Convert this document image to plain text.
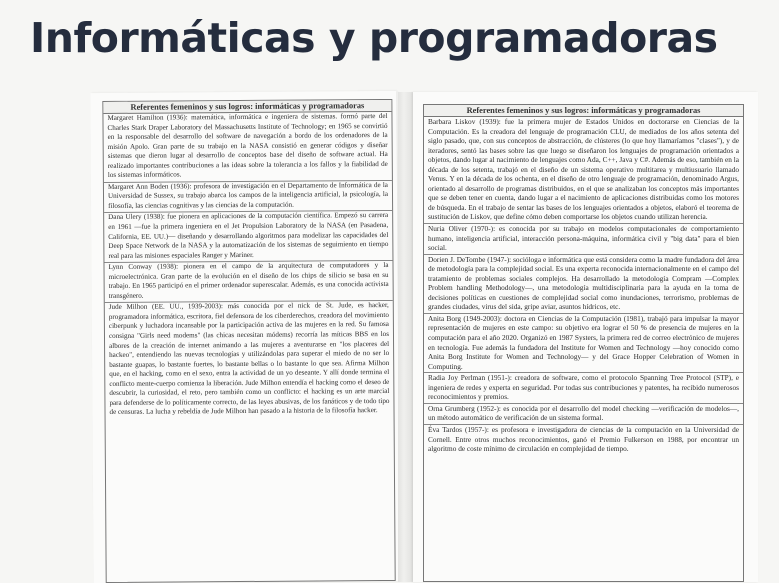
Informáticas y programadoras
Referentes femeninos y sus logros: informáticas y programadoras
Margaret Hamilton (1936): matemática, informática e ingeniera de sistemas. formó parte del Charles Stark Draper Laboratory del Massachusetts Institute of Technology; en 1965 se convirtió en la responsable del desarrollo del software de navegación a bordo de los ordenadores de la misión Apolo. Gran parte de su trabajo en la NASA consistió en generar códigos y diseñar sistemas que dieron lugar al desarrollo de conceptos base del diseño de software actual. Ha realizado importantes contribuciones a las ideas sobre la tolerancia a los fallos y la fiabilidad de los sistemas informáticos.
Margaret Ann Boden (1936): profesora de investigación en el Departamento de Informática de la Universidad de Sussex, su trabajo abarca los campos de la inteligencia artificial, la psicología, la filosofía, las ciencias cognitivas y las ciencias de la computación.
Dana Ulery (1938): fue pionera en aplicaciones de la computación científica. Empezó su carrera en 1961 —fue la primera ingeniera en el Jet Propulsion Laboratory de la NASA (en Pasadena, California, EE. UU.)— diseñando y desarrollando algoritmos para modelizar las capacidades del Deep Space Network de la NASA y la automatización de los sistemas de seguimiento en tiempo real para las misiones espaciales Ranger y Mariner.
Lynn Conway (1938): pionera en el campo de la arquitectura de computadores y la microelectrónica. Gran parte de la evolución en el diseño de los chips de silicio se basa en su trabajo. En 1965 participó en el primer ordenador superescalar. Además, es una conocida activista transgénero.
Jude Milhon (EE. UU., 1939-2003): más conocida por el nick de St. Jude, es hacker, programadora informática, escritora, fiel defensora de los ciberderechos, creadora del movimiento ciberpunk y luchadora incansable por la participación activa de las mujeres en la red. Su famosa consigna "Girls need modems" (las chicas necesitan módems) recorría las míticas BBS en los albores de la creación de internet animando a las mujeres a aventurarse en "los placeres del hackeo", entendiendo las nuevas tecnologías y utilizándolas para superar el miedo de no ser lo bastante guapas, lo bastante fuertes, lo bastante bellas o lo bastante lo que sea. Afirma Milhon que, en el hacking, como en el sexo, entra la actividad de un yo deseante. Y allí donde termina el conflicto mente-cuerpo comienza la liberación. Jude Milhon entendía el hacking como el deseo de descubrir, la curiosidad, el reto, pero también como un conflicto: el hacking es un arte marcial para defenderse de lo políticamente correcto, de las leyes abusivas, de los fanáticos y de todo tipo de censuras. La lucha y rebeldía de Jude Milhon han pasado a la historia de la filosofía hacker.
Referentes femeninos y sus logros: informáticas y programadoras
Barbara Liskov (1939): fue la primera mujer de Estados Unidos en doctorarse en Ciencias de la Computación. Es la creadora del lenguaje de programación CLU, de mediados de los años setenta del siglo pasado, que, con sus conceptos de abstracción, de clústeres (lo que hoy llamaríamos "clases"), y de iteradores, sentó las bases sobre las que luego se diseñaron los lenguajes de programación orientados a objetos, dando lugar al nacimiento de lenguajes como Ada, C++, Java y C#. Además de eso, también en la década de los setenta, trabajó en el diseño de un sistema operativo multitarea y multiusuario llamado Venus. Y en la década de los ochenta, en el diseño de otro lenguaje de programación, denominado Argus, orientado al desarrollo de programas distribuidos, en el que se analizaban los conceptos más importantes que se deben tener en cuenta, dando lugar a el nacimiento de aplicaciones distribuidas como los motores de búsqueda. En el trabajo de sentar las bases de los lenguajes orientados a objetos, elaboró el teorema de sustitución de Liskov, que define cómo deben comportarse los objetos cuando utilizan herencia.
Nuria Oliver (1970-): es conocida por su trabajo en modelos computacionales de comportamiento humano, inteligencia artificial, interacción persona-máquina, informática civil y "big data" para el bien social.
Dorien J. DeTombe (1947-): socióloga e informática que está considera como la madre fundadora del área de metodología para la complejidad social. Es una experta reconocida internacionalmente en el campo del tratamiento de problemas sociales complejos. Ha desarrollado la metodología Compram —Complex Problem handling Methodology—, una metodología multidisciplinaria para la ayuda en la toma de decisiones políticas en cuestiones de complejidad social como inundaciones, terrorismo, problemas de grandes ciudades, virus del sida, gripe aviar, asuntos hídricos, etc.
Anita Borg (1949-2003): doctora en Ciencias de la Computación (1981), trabajó para impulsar la mayor representación de mujeres en este campo: su objetivo era lograr el 50 % de presencia de mujeres en la computación para el año 2020. Organizó en 1987 Systers, la primera red de correo electrónico de mujeres en tecnología. Fue además la fundadora del Institute for Women and Technology —hoy conocido como Anita Borg Institute for Women and Technology— y del Grace Hopper Celebration of Women in Computing.
Radia Joy Perlman (1951-): creadora de software, como el protocolo Spanning Tree Protocol (STP), e ingeniera de redes y experta en seguridad. Por todas sus contribuciones y patentes, ha recibido numerosos reconocimientos y premios.
Orna Grumberg (1952-): es conocida por el desarrollo del model checking —verificación de modelos—, un método automático de verificación de un sistema formal.
Éva Tardos (1957-): es profesora e investigadora de ciencias de la computación en la Universidad de Cornell. Entre otros muchos reconocimientos, ganó el Premio Fulkerson en 1988, por encontrar un algoritmo de coste mínimo de circulación en complejidad de tiempo.
